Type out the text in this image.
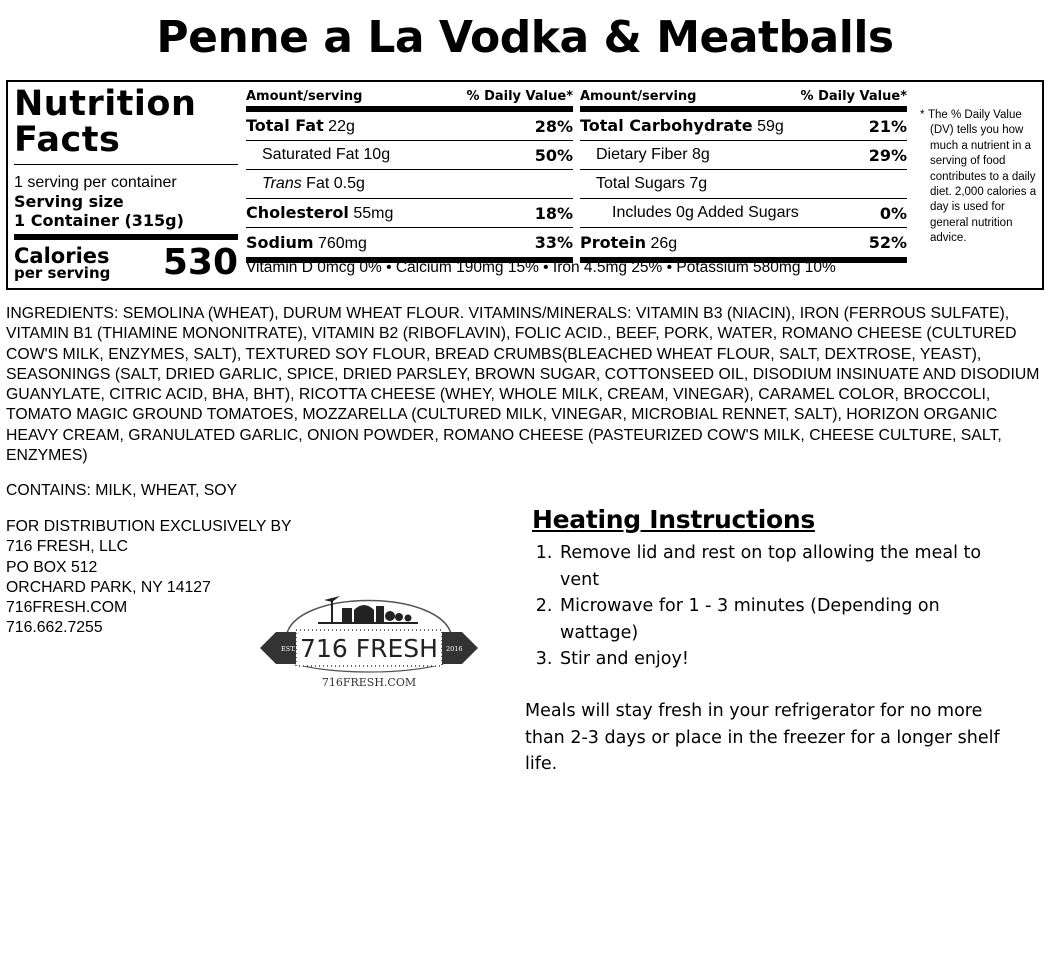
Penne a La Vodka & Meatballs
Nutrition
Facts
1 serving per container
Serving size
1 Container (315g)
Calories
per serving 530
Amount/serving	% Daily Value*
Total Fat 22g	28%
Saturated Fat 10g	50%
Trans Fat 0.5g
Cholesterol 55mg	18%
Sodium 760mg	33%
Amount/serving	% Daily Value*
Total Carbohydrate 59g	21%
Dietary Fiber 8g	29%
Total Sugars 7g
Includes 0g Added Sugars	0%
Protein 26g	52%
Vitamin D 0mcg 0% • Calcium 190mg 15% • Iron 4.5mg 25% • Potassium 580mg 10%
* The % Daily Value (DV) tells you how much a nutrient in a serving of food contributes to a daily diet. 2,000 calories a day is used for general nutrition advice.
INGREDIENTS: SEMOLINA (WHEAT), DURUM WHEAT FLOUR. VITAMINS/MINERALS: VITAMIN B3 (NIACIN), IRON (FERROUS SULFATE), VITAMIN B1 (THIAMINE MONONITRATE), VITAMIN B2 (RIBOFLAVIN), FOLIC ACID., BEEF, PORK, WATER, ROMANO CHEESE (CULTURED COW'S MILK, ENZYMES, SALT), TEXTURED SOY FLOUR, BREAD CRUMBS(BLEACHED WHEAT FLOUR, SALT, DEXTROSE, YEAST), SEASONINGS (SALT, DRIED GARLIC, SPICE, DRIED PARSLEY, BROWN SUGAR, COTTONSEED OIL, DISODIUM INSINUATE AND DISODIUM GUANYLATE, CITRIC ACID, BHA, BHT), RICOTTA CHEESE (WHEY, WHOLE MILK, CREAM, VINEGAR), CARAMEL COLOR, BROCCOLI, TOMATO MAGIC GROUND TOMATOES, MOZZARELLA (CULTURED MILK, VINEGAR, MICROBIAL RENNET, SALT), HORIZON ORGANIC HEAVY CREAM, GRANULATED GARLIC, ONION POWDER, ROMANO CHEESE (PASTEURIZED COW'S MILK, CHEESE CULTURE, SALT, ENZYMES)
CONTAINS: MILK, WHEAT, SOY
FOR DISTRIBUTION EXCLUSIVELY BY
716 FRESH, LLC
PO BOX 512
ORCHARD PARK, NY 14127
716FRESH.COM
716.662.7255
EST.	2016
716 FRESH
716FRESH.COM
Heating Instructions
1. Remove lid and rest on top allowing the meal to vent
2. Microwave for 1 - 3 minutes (Depending on wattage)
3. Stir and enjoy!
Meals will stay fresh in your refrigerator for no more than 2-3 days or place in the freezer for a longer shelf life.
